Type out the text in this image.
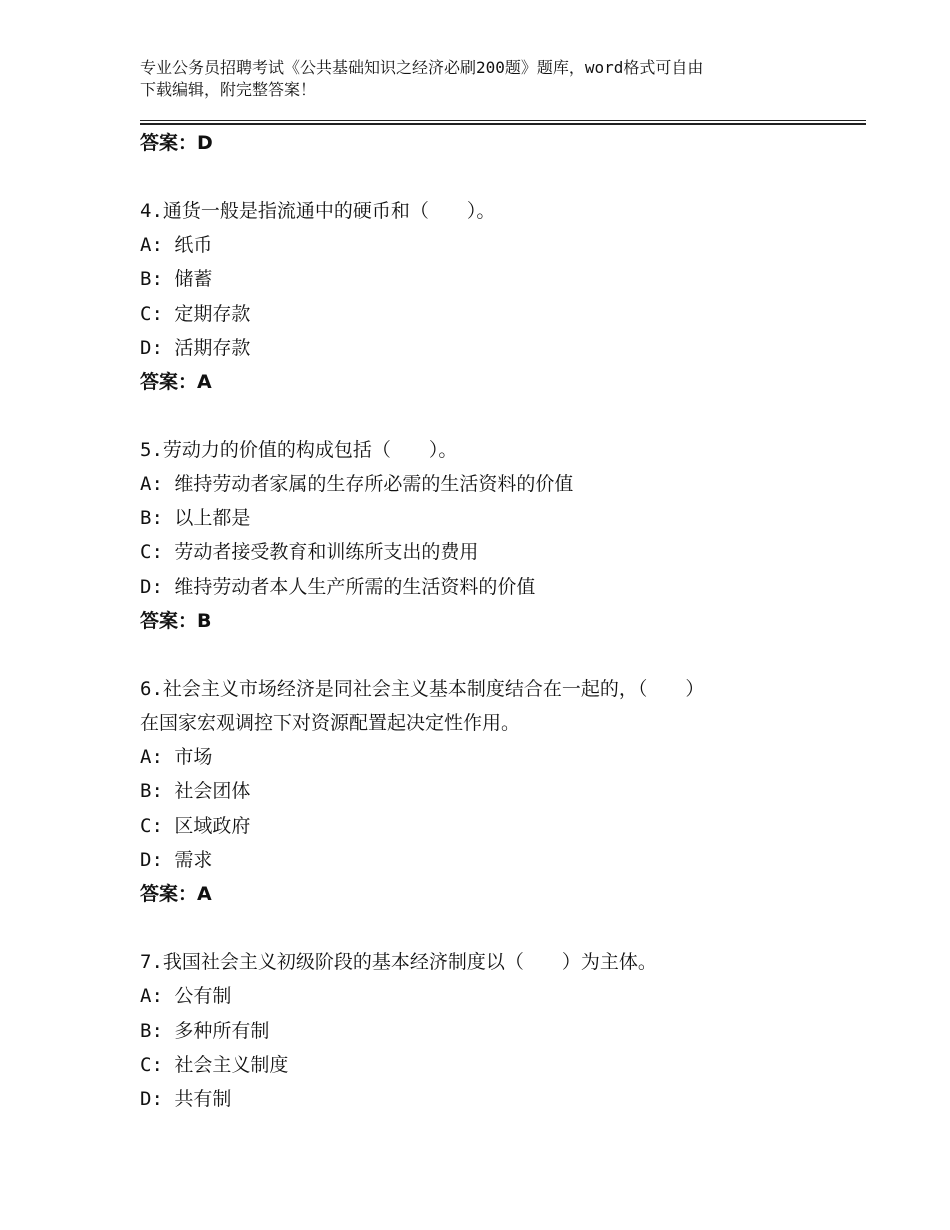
专业公务员招聘考试《公共基础知识之经济必刷200题》题库，word格式可自由
下载编辑，附完整答案！
答案：D
4.通货一般是指流通中的硬币和（　　）。
A: 纸币
B: 储蓄
C: 定期存款
D: 活期存款
答案：A
5.劳动力的价值的构成包括（　　）。
A: 维持劳动者家属的生存所必需的生活资料的价值
B: 以上都是
C: 劳动者接受教育和训练所支出的费用
D: 维持劳动者本人生产所需的生活资料的价值
答案：B
6.社会主义市场经济是同社会主义基本制度结合在一起的，（　　）
在国家宏观调控下对资源配置起决定性作用。
A: 市场
B: 社会团体
C: 区域政府
D: 需求
答案：A
7.我国社会主义初级阶段的基本经济制度以（　　）为主体。
A: 公有制
B: 多种所有制
C: 社会主义制度
D: 共有制
